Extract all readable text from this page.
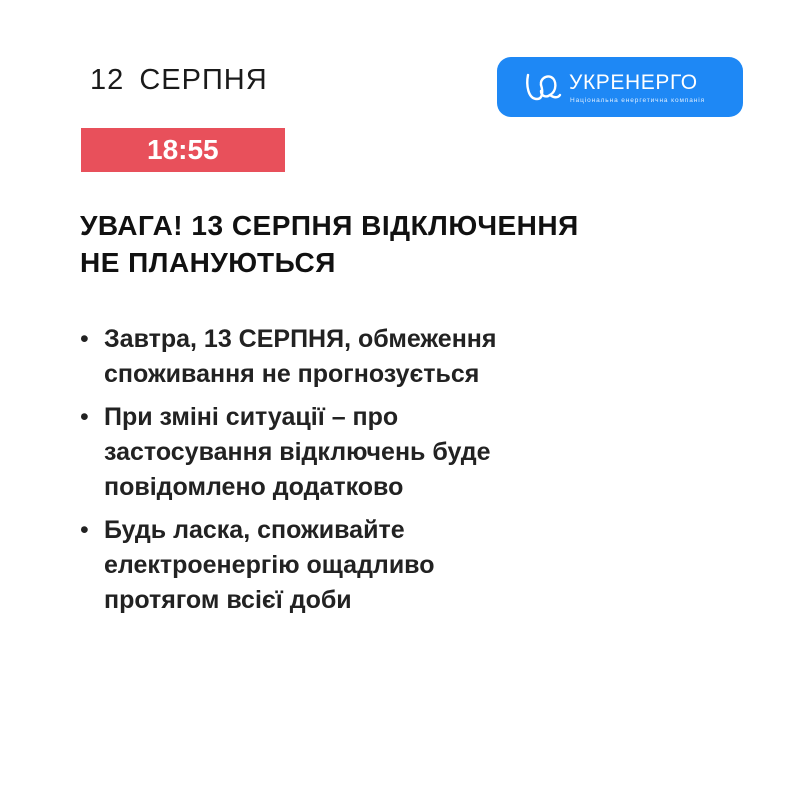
12 СЕРПНЯ	УКРЕНЕРГО
Національна енергетична компанія
18:55
УВАГА! 13 СЕРПНЯ ВІДКЛЮЧЕННЯ
НЕ ПЛАНУЮТЬСЯ
• Завтра, 13 СЕРПНЯ, обмеження
споживання не прогнозується
• При зміні ситуації – про
застосування відключень буде
повідомлено додатково
• Будь ласка, споживайте
електроенергію ощадливо
протягом всієї доби
